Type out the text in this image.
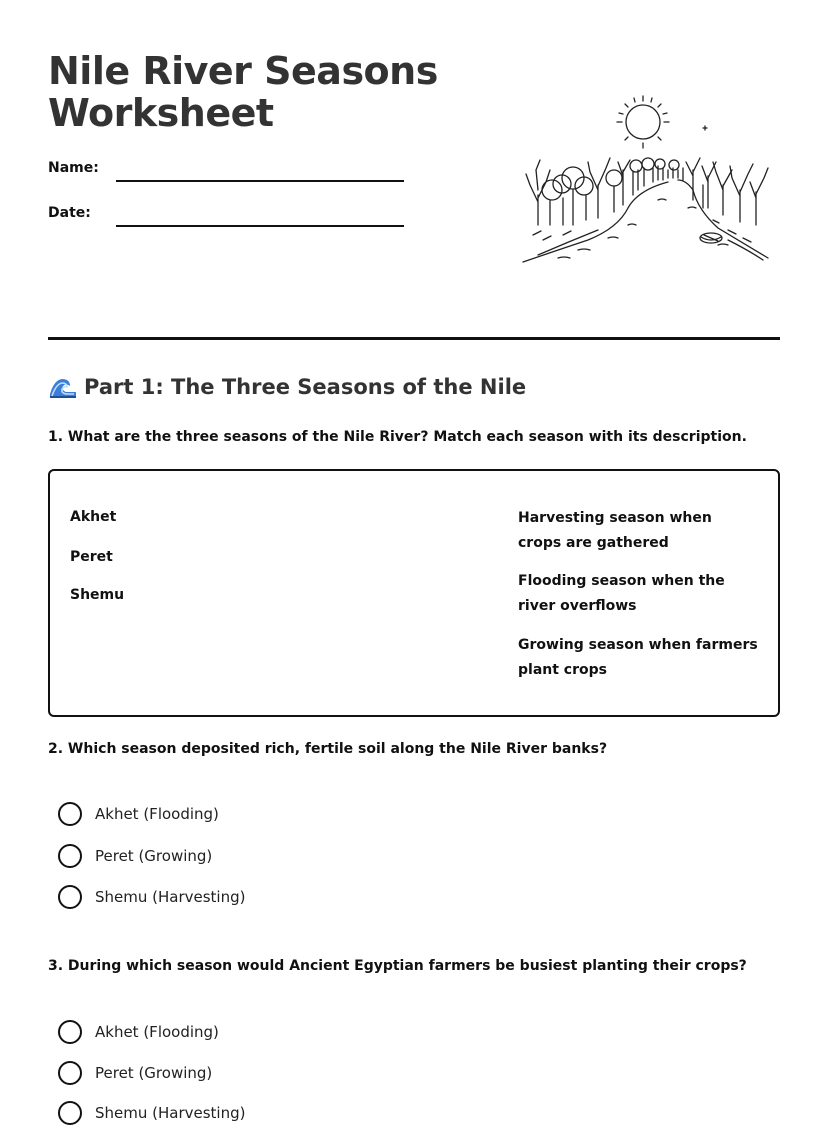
Nile River Seasons
Worksheet
Name:
Date:
Part 1: The Three Seasons of the Nile

1. What are the three seasons of the Nile River? Match each season with its description.

Akhet
Peret
Shemu
Harvesting season when crops are gathered
Flooding season when the river overflows
Growing season when farmers plant crops

2. Which season deposited rich, fertile soil along the Nile River banks?

Akhet (Flooding)
Peret (Growing)
Shemu (Harvesting)

3. During which season would Ancient Egyptian farmers be busiest planting their crops?

Akhet (Flooding)
Peret (Growing)
Shemu (Harvesting)
